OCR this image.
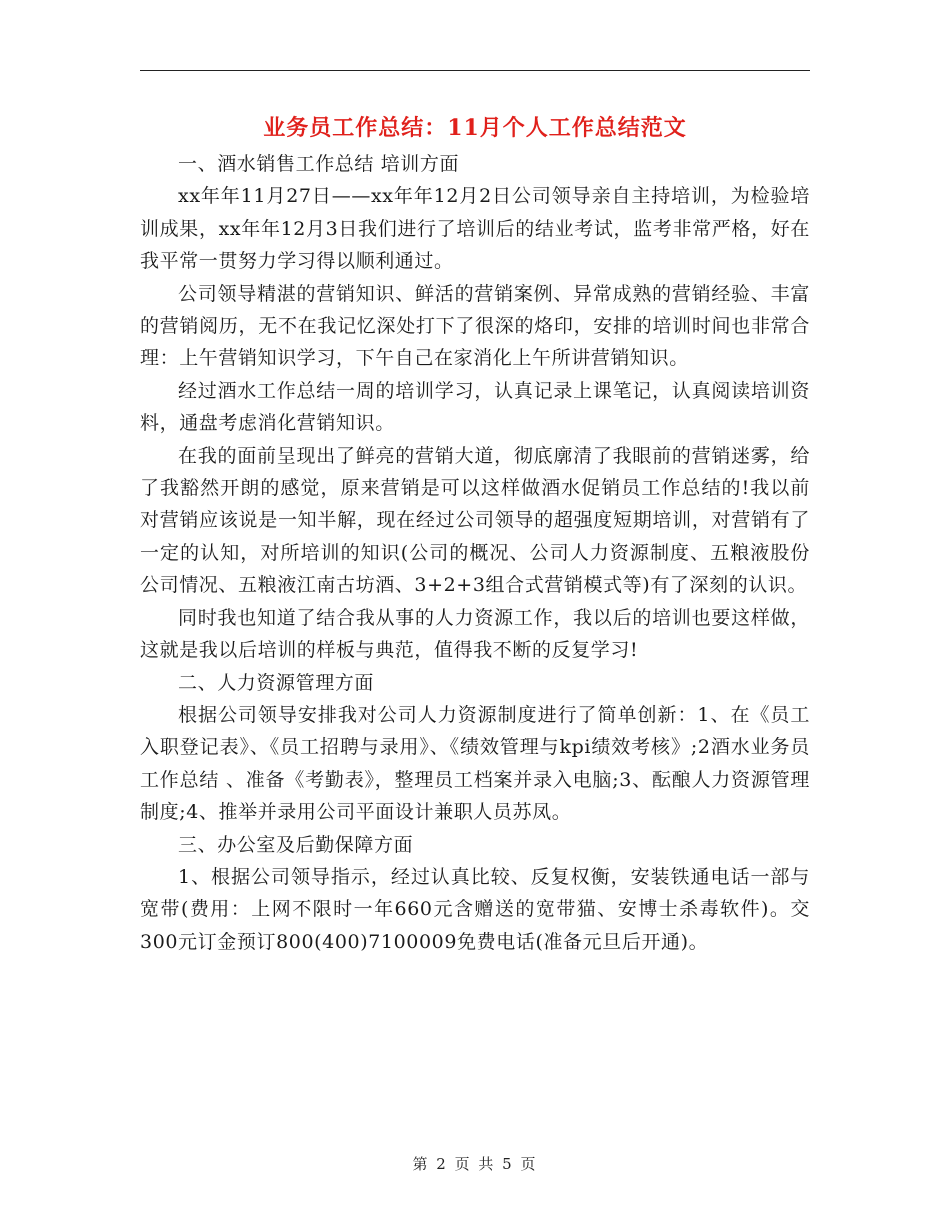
业务员工作总结：11月个人工作总结范文

一、酒水销售工作总结 培训方面

xx年年11月27日——xx年年12月2日公司领导亲自主持培训，为检验培训成果，xx年年12月3日我们进行了培训后的结业考试，监考非常严格，好在我平常一贯努力学习得以顺利通过。

公司领导精湛的营销知识、鲜活的营销案例、异常成熟的营销经验、丰富的营销阅历，无不在我记忆深处打下了很深的烙印，安排的培训时间也非常合理：上午营销知识学习，下午自己在家消化上午所讲营销知识。

经过酒水工作总结一周的培训学习，认真记录上课笔记，认真阅读培训资料，通盘考虑消化营销知识。

在我的面前呈现出了鲜亮的营销大道，彻底廓清了我眼前的营销迷雾，给了我豁然开朗的感觉，原来营销是可以这样做酒水促销员工作总结的!我以前对营销应该说是一知半解，现在经过公司领导的超强度短期培训，对营销有了一定的认知，对所培训的知识(公司的概况、公司人力资源制度、五粮液股份公司情况、五粮液江南古坊酒、3+2+3组合式营销模式等)有了深刻的认识。

同时我也知道了结合我从事的人力资源工作，我以后的培训也要这样做，这就是我以后培训的样板与典范，值得我不断的反复学习!

二、人力资源管理方面

根据公司领导安排我对公司人力资源制度进行了简单创新：1、在《员工入职登记表》、《员工招聘与录用》、《绩效管理与kpi绩效考核》;2酒水业务员工作总结 、准备《考勤表》，整理员工档案并录入电脑;3、酝酿人力资源管理制度;4、推举并录用公司平面设计兼职人员苏凤。

三、办公室及后勤保障方面

1、根据公司领导指示，经过认真比较、反复权衡，安装铁通电话一部与宽带(费用：上网不限时一年660元含赠送的宽带猫、安博士杀毒软件)。交300元订金预订800(400)7100009免费电话(准备元旦后开通)。

第 2 页 共 5 页
